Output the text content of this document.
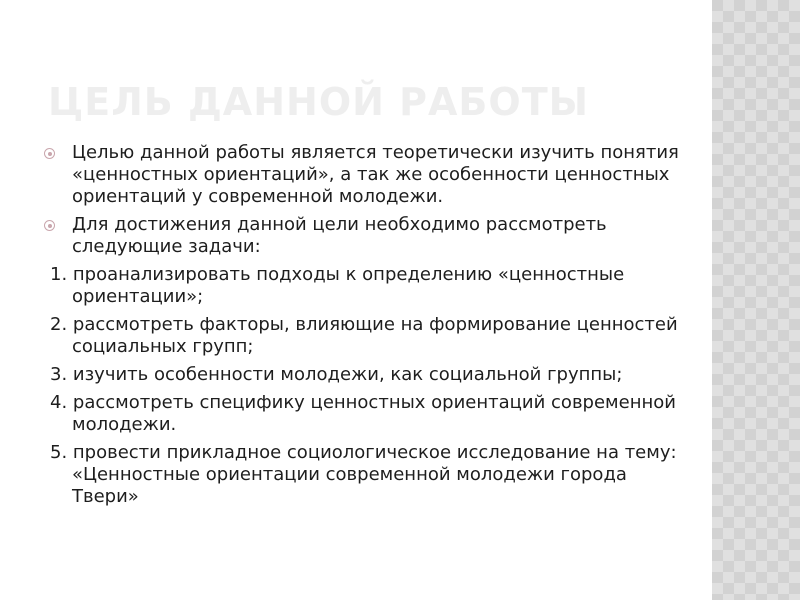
ЦЕЛЬ ДАННОЙ РАБОТЫ
Целью данной работы является теоретически изучить понятия «ценностных ориентаций», а так же особенности ценностных ориентаций у современной молодежи.
Для достижения данной цели необходимо рассмотреть следующие задачи:
1. проанализировать подходы к определению «ценностные ориентации»;
2. рассмотреть факторы, влияющие на формирование ценностей социальных групп;
3. изучить особенности молодежи, как социальной группы;
4. рассмотреть специфику ценностных ориентаций современной молодежи.
5. провести прикладное социологическое исследование на тему: «Ценностные ориентации современной молодежи города Твери»
